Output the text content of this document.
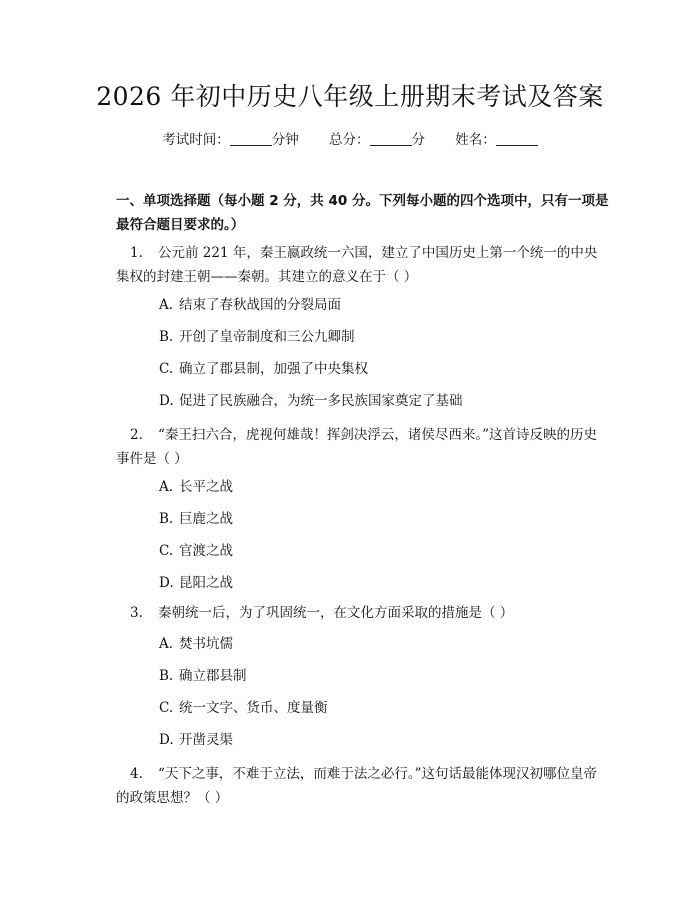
2026 年初中历史八年级上册期末考试及答案
考试时间：	分钟 总分：	分 姓名：
一、单项选择题（每小题 2 分，共 40 分。下列每小题的四个选项中，只有一项是最符合题目要求的。）
1. 公元前 221 年，秦王嬴政统一六国，建立了中国历史上第一个统一的中央集权的封建王朝——秦朝。其建立的意义在于（ ）
A. 结束了春秋战国的分裂局面
B. 开创了皇帝制度和三公九卿制
C. 确立了郡县制，加强了中央集权
D. 促进了民族融合，为统一多民族国家奠定了基础
2. “秦王扫六合，虎视何雄哉！挥剑决浮云，诸侯尽西来。”这首诗反映的历史事件是（ ）
A. 长平之战
B. 巨鹿之战
C. 官渡之战
D. 昆阳之战
3. 秦朝统一后，为了巩固统一，在文化方面采取的措施是（ ）
A. 焚书坑儒
B. 确立郡县制
C. 统一文字、货币、度量衡
D. 开凿灵渠
4. “天下之事，不难于立法，而难于法之必行。”这句话最能体现汉初哪位皇帝的政策思想？（ ）
